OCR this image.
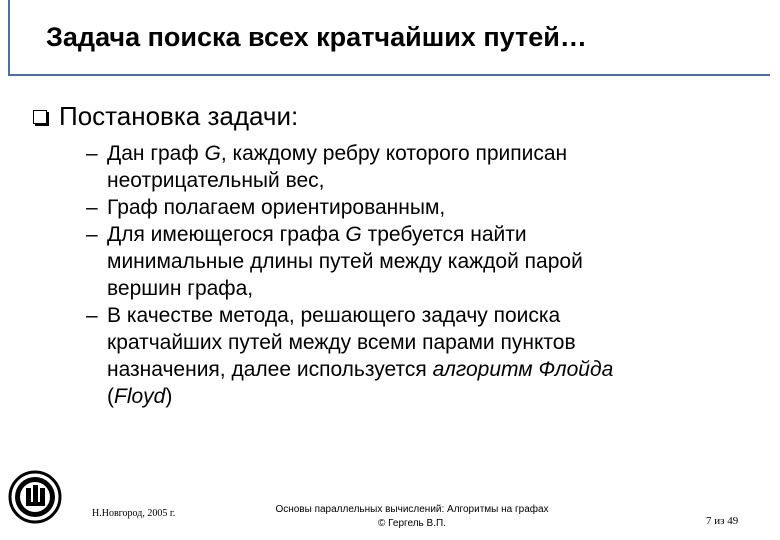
Задача поиска всех кратчайших путей…
Постановка задачи:
– Дан граф G, каждому ребру которого приписан
неотрицательный вес,
– Граф полагаем ориентированным,
– Для имеющегося графа G требуется найти
минимальные длины путей между каждой парой
вершин графа,
– В качестве метода, решающего задачу поиска
кратчайших путей между всеми парами пунктов
назначения, далее используется алгоритм Флойда
(Floyd)
Н.Новгород, 2005 г.	Основы параллельных вычислений: Алгоритмы на графах
© Гергель В.П.	7 из 49
